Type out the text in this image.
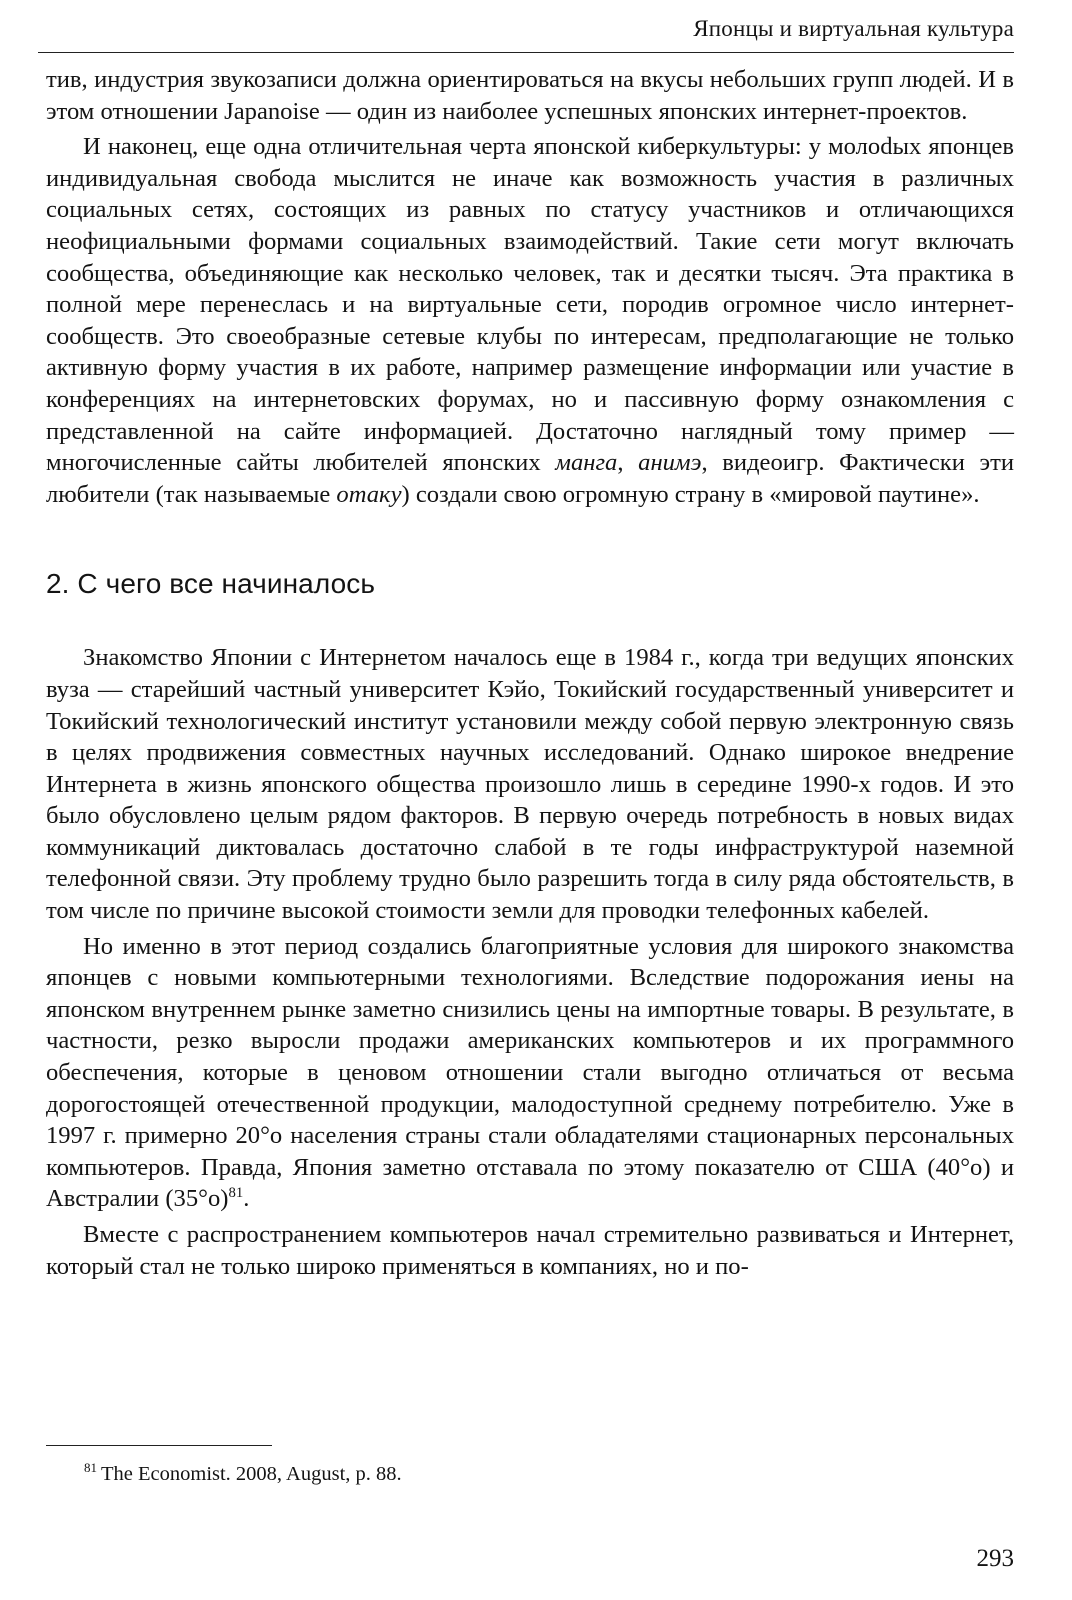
Японцы и виртуальная культура

тив, индустрия звукозаписи должна ориентироваться на вкусы небольших групп людей. И в этом отношении Japanoise — один из наиболее успешных японских интернет-проектов.

И наконец, еще одна отличительная черта японской киберкультуры: у молоdых японцев индивидуальная свобода мыслится не иначе как возможность участия в различных социальных сетях, состоящих из равных по статусу участников и отличающихся неофициальными формами социальных взаимодействий. Такие сети могут включать сообщества, объединяющие как несколько человек, так и десятки тысяч. Эта практика в полной мере перенеслась и на виртуальные сети, породив огромное число интернет-сообществ. Это своеобразные сетевые клубы по интересам, предполагающие не только активную форму участия в их работе, например размещение информации или участие в конференциях на интернетовских форумах, но и пассивную форму ознакомления с представленной на сайте информацией. Достаточно наглядный тому пример — многочисленные сайты любителей японских манга, анимэ, видеоигр. Фактически эти любители (так называемые отаку) создали свою огромную страну в «мировой паутине».

2. С чего все начиналось

Знакомство Японии с Интернетом началось еще в 1984 г., когда три ведущих японских вуза — старейший частный университет Кэйо, Токийский государственный университет и Токийский технологический институт установили между собой первую электронную связь в целях продвижения совместных научных исследований. Однако широкое внедрение Интернета в жизнь японского общества произошло лишь в середине 1990-х годов. И это было обусловлено целым рядом факторов. В первую очередь потребность в новых видах коммуникаций диктовалась достаточно слабой в те годы инфраструктурой наземной телефонной связи. Эту проблему трудно было разрешить тогда в силу ряда обстоятельств, в том числе по причине высокой стоимости земли для проводки телефонных кабелей.

Но именно в этот период создались благоприятные условия для широкого знакомства японцев с новыми компьютерными технологиями. Вследствие подорожания иены на японском внутреннем рынке заметно снизились цены на импортные товары. В результате, в частности, резко выросли продажи американских компьютеров и их программного обеспечения, которые в ценовом отношении стали выгодно отличаться от весьма дорогостоящей отечественной продукции, малодоступной среднему потребителю. Уже в 1997 г. примерно 20°о населения страны стали обладателями стационарных персональных компьютеров. Правда, Япония заметно отставала по этому показателю от США (40°о) и Австралии $(35^\circ о)^{81}$.

Вместе с распространением компьютеров начал стремительно развиваться и Интернет, который стал не только широко применяться в компаниях, но и по-

$^{81}$ The Economist. 2008, August, p. 88.
293
